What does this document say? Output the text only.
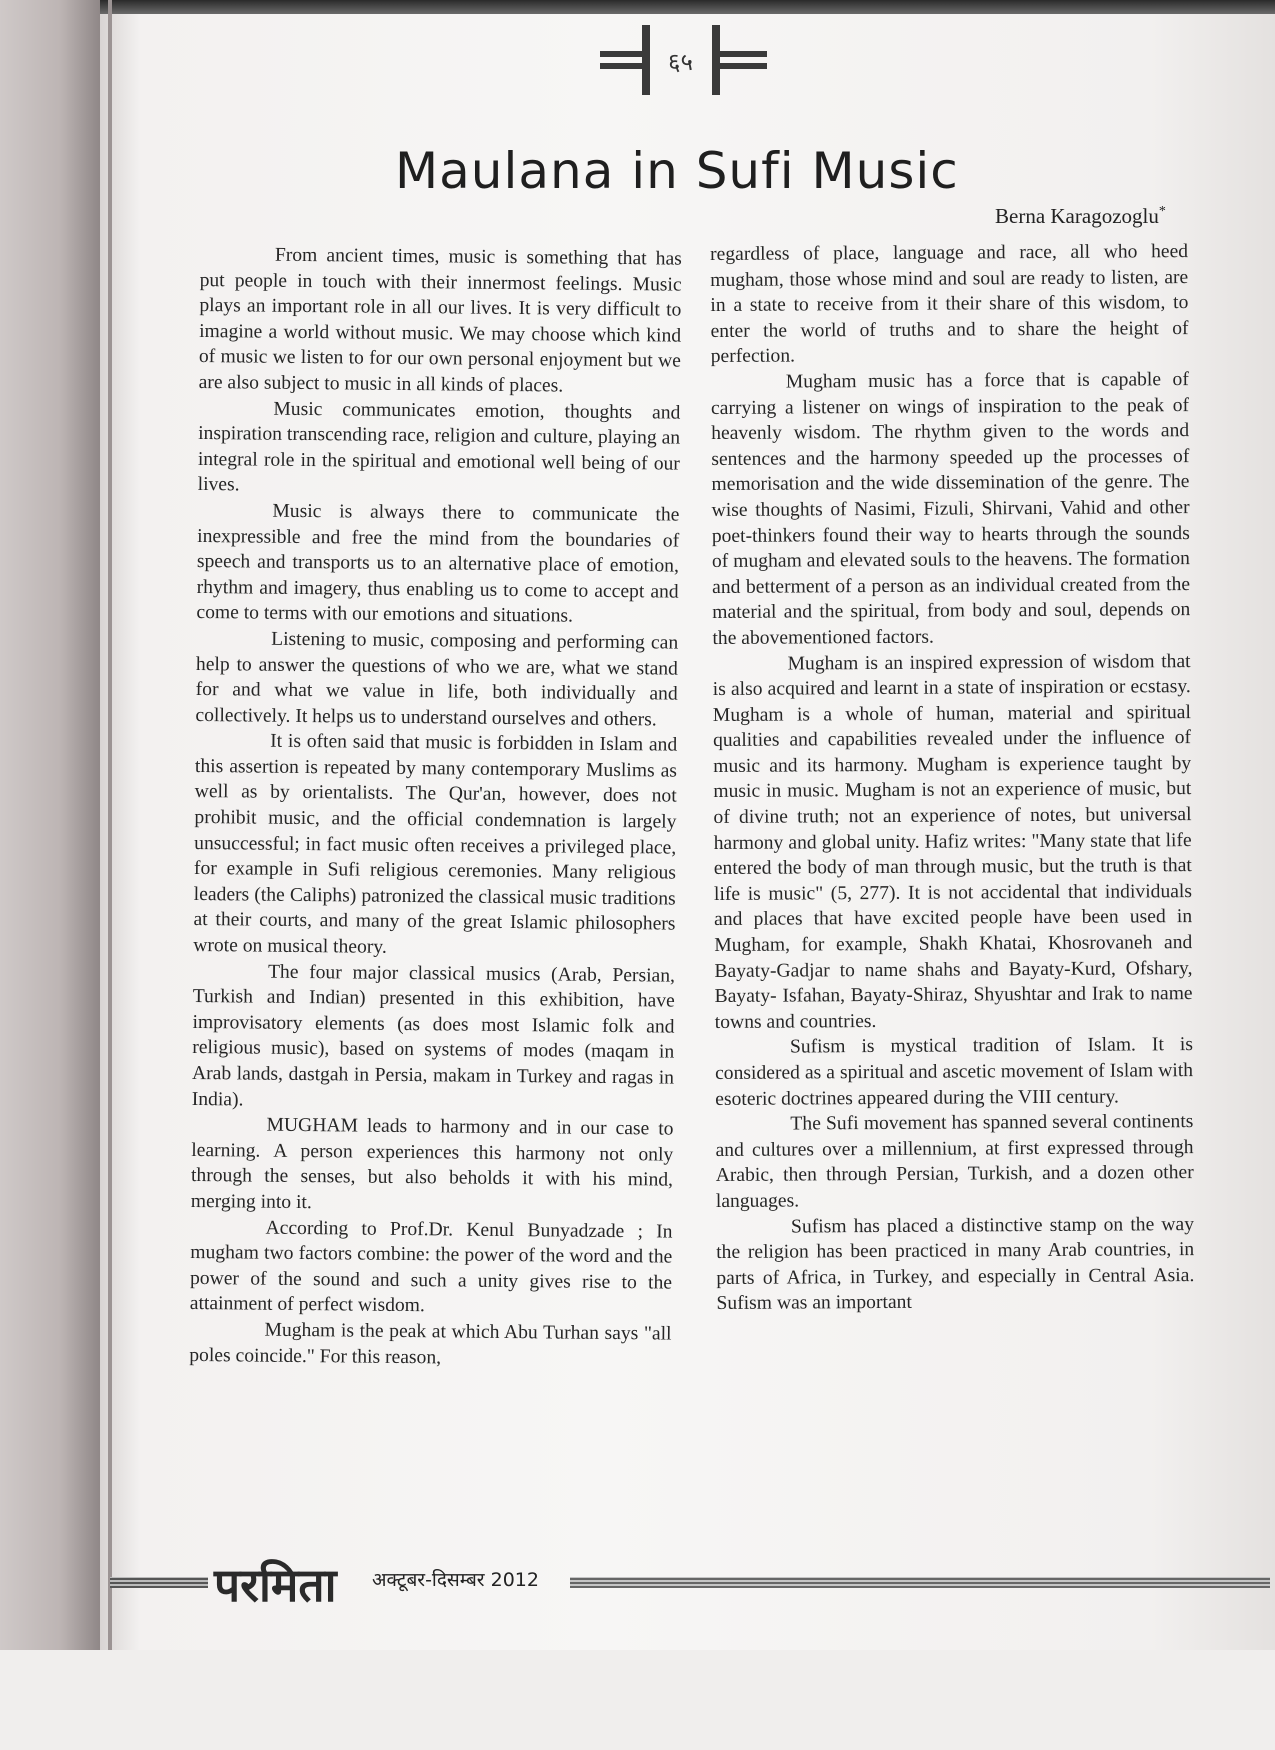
६५
Maulana in Sufi Music
Berna Karagozoglu*

From ancient times, music is something that has put people in touch with their innermost feelings. Music plays an important role in all our lives. It is very difficult to imagine a world without music. We may choose which kind of music we listen to for our own personal enjoyment but we are also subject to music in all kinds of places.

Music communicates emotion, thoughts and inspiration transcending race, religion and culture, playing an integral role in the spiritual and emotional well being of our lives.

Music is always there to communicate the inexpressible and free the mind from the boundaries of speech and transports us to an alternative place of emotion, rhythm and imagery, thus enabling us to come to accept and come to terms with our emotions and situations.

Listening to music, composing and performing can help to answer the questions of who we are, what we stand for and what we value in life, both individually and collectively. It helps us to understand ourselves and others.

It is often said that music is forbidden in Islam and this assertion is repeated by many contemporary Muslims as well as by orientalists. The Qur'an, however, does not prohibit music, and the official condemnation is largely unsuccessful; in fact music often receives a privileged place, for example in Sufi religious ceremonies. Many religious leaders (the Caliphs) patronized the classical music traditions at their courts, and many of the great Islamic philosophers wrote on musical theory.

The four major classical musics (Arab, Persian, Turkish and Indian) presented in this exhibition, have improvisatory elements (as does most Islamic folk and religious music), based on systems of modes (maqam in Arab lands, dastgah in Persia, makam in Turkey and ragas in India).

MUGHAM leads to harmony and in our case to learning. A person experiences this harmony not only through the senses, but also beholds it with his mind, merging into it.

According to Prof.Dr. Kenul Bunyadzade ; In mugham two factors combine: the power of the word and the power of the sound and such a unity gives rise to the attainment of perfect wisdom.

Mugham is the peak at which Abu Turhan says "all poles coincide." For this reason,

regardless of place, language and race, all who heed mugham, those whose mind and soul are ready to listen, are in a state to receive from it their share of this wisdom, to enter the world of truths and to share the height of perfection.

Mugham music has a force that is capable of carrying a listener on wings of inspiration to the peak of heavenly wisdom. The rhythm given to the words and sentences and the harmony speeded up the processes of memorisation and the wide dissemination of the genre. The wise thoughts of Nasimi, Fizuli, Shirvani, Vahid and other poet-thinkers found their way to hearts through the sounds of mugham and elevated souls to the heavens. The formation and betterment of a person as an individual created from the material and the spiritual, from body and soul, depends on the abovementioned factors.

Mugham is an inspired expression of wisdom that is also acquired and learnt in a state of inspiration or ecstasy. Mugham is a whole of human, material and spiritual qualities and capabilities revealed under the influence of music and its harmony. Mugham is experience taught by music in music. Mugham is not an experience of music, but of divine truth; not an experience of notes, but universal harmony and global unity. Hafiz writes: "Many state that life entered the body of man through music, but the truth is that life is music" (5, 277). It is not accidental that individuals and places that have excited people have been used in Mugham, for example, Shakh Khatai, Khosrovaneh and Bayaty-Gadjar to name shahs and Bayaty-Kurd, Ofshary, Bayaty- Isfahan, Bayaty-Shiraz, Shyushtar and Irak to name towns and countries.

Sufism is mystical tradition of Islam. It is considered as a spiritual and ascetic movement of Islam with esoteric doctrines appeared during the VIII century.

The Sufi movement has spanned several continents and cultures over a millennium, at first expressed through Arabic, then through Persian, Turkish, and a dozen other languages.

Sufism has placed a distinctive stamp on the way the religion has been practiced in many Arab countries, in parts of Africa, in Turkey, and especially in Central Asia. Sufism was an important

परमिता अक्टूबर-दिसम्बर 2012
